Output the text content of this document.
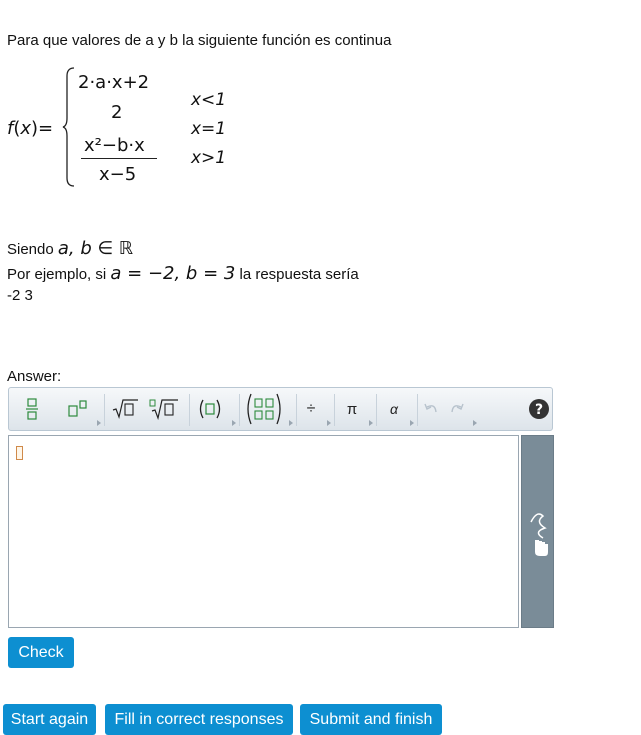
Para que valores de a y b la siguiente función es continua
f(x)=
2·a·x+2
2
x²−b·x
x−5
x<1
x=1
x>1
Siendo a, b ∈ ℝ
Por ejemplo, si a = −2, b = 3 la respuesta sería
-2 3
Answer:
÷	π	α	?
Check
Start again	Fill in correct responses	Submit and finish
